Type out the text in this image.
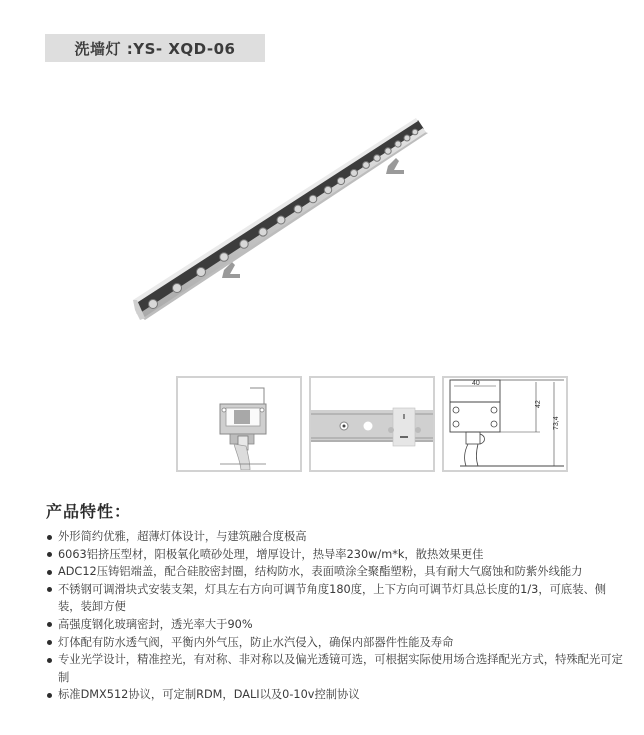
洗墙灯 :YS- XQD-06
40
42
73,4
产品特性：
外形简约优雅，超薄灯体设计，与建筑融合度极高
6063铝挤压型材，阳极氧化喷砂处理，增厚设计，热导率230w/m*k，散热效果更佳
ADC12压铸铝端盖，配合硅胶密封圈，结构防水，表面喷涂全聚酯塑粉，具有耐大气腐蚀和防紫外线能力
不锈钢可调滑块式安装支架，灯具左右方向可调节角度180度，上下方向可调节灯具总长度的1/3，可底装、侧装，装卸方便
高强度钢化玻璃密封，透光率大于90%
灯体配有防水透气阀，平衡内外气压，防止水汽侵入，确保内部器件性能及寿命
专业光学设计，精准控光，有对称、非对称以及偏光透镜可选，可根据实际使用场合选择配光方式，特殊配光可定制
标准DMX512协议，可定制RDM，DALI以及0-10v控制协议
